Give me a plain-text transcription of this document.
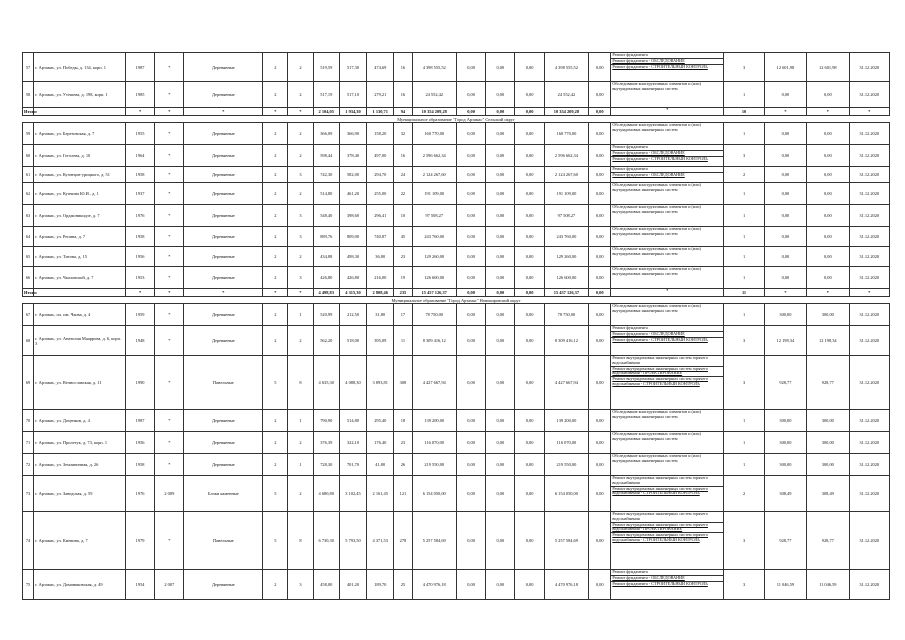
57	г. Арзамас, ул. Победы, д. 134, корп. 1	1987	*	Деревянные	2	2	519,59	517,30	474,69	16	4 398 555,52	0,00	0,00	0,00	4 398 555,52	0,00	Ремонт фундамента
Ремонт фундамента - ОБСЛЕДОВАНИЕ
Ремонт фундамента - СТРОИТЕЛЬНЫЙ КОНТРОЛЬ	3	12 601,98	12 601,98	31.12.2020
58	г. Арзамас, ул. Утешева, д. 198, корп. 1	1985	*	Деревянные	2	2	517,19	517,10	279,21	16	24 552,42	0,00	0,00	0,00	24 552,42	0,00	Обследование конструктивных элементов и (или) внутридомовых инженерных систем	1	0,00	0,00	31.12.2020
Итого:		*	*	*	*	*	2 104,05	1 934,30	1 130,71	94	10 354 209,28	0,00	0,00	0,00	10 354 209,28	0,00	*	10	*	*	*
Муниципальное образование "Город Арзамас" Сельский округ																					
59	г. Арзамас, ул. Березовская, д. 7	1955	*	Деревянные	2	2	366,09	366,90	158,20	32	160 770,00	0,00	0,00	0,00	160 770,00	0,00	Обследование конструктивных элементов и (или) внутридомовых инженерных систем	1	0,00	0,00	31.12.2020
60	г. Арзамас, ул. Гоголева, д. 10	1964	*	Деревянные	2	2	598,44	378,40	497,00	16	2 596 662,34	0,00	0,00	0,00	2 596 662,34	0,00	Ремонт фундамента
Ремонт фундамента - ОБСЛЕДОВАНИЕ
Ремонт фундамента - СТРОИТЕЛЬНЫЙ КОНТРОЛЬ	3	0,00	0,00	31.12.2020
61	г. Арзамас, ул. Кузнецов-урицкого, д. 51	1958	*	Деревянные	2	3	742,30	582,00	294,70	24	2 124 267,60	0,00	0,00	0,00	2 124 267,60	0,00	Ремонт фундамента
Ремонт фундамента - ОБСЛЕДОВАНИЕ	2	0,00	0,00	31.12.2020
62	г. Арзамас, ул. Купчина Ю.И., д. 1	1937	*	Деревянные	2	2	514,80	461,20	255,00	22	191 109,00	0,00	0,00	0,00	191 109,00	0,00	Обследование конструктивных элементов и (или) внутридомовых инженерных систем	1	0,00	0,00	31.12.2020
63	г. Арзамас, ул. Орджоникидзе, д. 7	1976	*	Деревянные	2	3	548,40	398,60	296,41	10	97 508,27	0,00	0,00	0,00	97 508,27	0,00	Обследование конструктивных элементов и (или) внутридомовых инженерных систем	1	0,00	0,00	31.12.2020
64	г. Арзамас, ул. Репина, д. 7	1958	*	Деревянные	2	3	889,76	809,00	740,87	45	243 760,00	0,00	0,00	0,00	243 760,00	0,00	Обследование конструктивных элементов и (или) внутридомовых инженерных систем	1	0,00	0,00	31.12.2020
65	г. Арзамас, ул. Титова, д. 15	1956	*	Деревянные	2	2	434,88	498,30	36,80	23	129 260,00	0,00	0,00	0,00	129 260,00	0,00	Обследование конструктивных элементов и (или) внутридомовых инженерных систем	1	0,00	0,00	31.12.2020
66	г. Арзамас, ул. Чкаловской, д. 7	1953	*	Деревянные	2	3	426,80	426,80	216,00	19	126 600,00	0,00	0,00	0,00	126 600,00	0,00	Обследование конструктивных элементов и (или) внутридомовых инженерных систем	1	0,00	0,00	31.12.2020
Итого:		*	*	*	*	*	4 498,83	4 315,30	2 808,46	235	15 457 126,37	0,00	0,00	0,00	15 457 126,37	0,00	*	11	*	*	*
Муниципальное образование "Город Арзамас" Новокировский округ																					
67	г. Арзамас, пл. им. Чкова, д. 4	1959	*	Деревянные	2	1	520,99	212,50	31,80	17	78 750,00	0,00	0,00	0,00	78 750,00	0,00	Обследование конструктивных элементов и (или) внутридомовых инженерных систем	1	300,00	300,00	31.12.2020
68	г. Арзамас, ул. Анатолия Мааррова, д. 6, корп. 3	1948	*	Деревянные	2	2	562,20	518,00	395,09	11	8 309 416,12	0,00	0,00	0,00	8 309 416,12	0,00	Ремонт фундамента
Ремонт фундамента - ОБСЛЕДОВАНИЕ
Ремонт фундамента - СТРОИТЕЛЬНЫЙ КОНТРОЛЬ	3	12 198,34	12 198,34	31.12.2020
69	г. Арзамас, ул. Вечнославская, д. 11	1990	*	Панельные	5	8	4 635,30	4 088,30	3 893,81	308	4 427 667,94	0,00	0,00	0,00	4 427 667,94	0,00	Ремонт внутридомовых инженерных систем горячего водоснабжения
Ремонт внутридомовых инженерных систем горячего водоснабжения - ПРОЕКТИРОВАНИЕ
Ремонт внутридомовых инженерных систем горячего водоснабжения - СТРОИТЕЛЬНЫЙ КОНТРОЛЬ	3	928,77	928,77	31.12.2020
70	г. Арзамас, ул. Доценков, д. 4	1987	*	Деревянные	2	1	790,90	514,80	295,40	18	139 200,00	0,00	0,00	0,00	139 200,00	0,00	Обследование конструктивных элементов и (или) внутридомовых инженерных систем	1	300,00	300,00	31.12.2020
71	г. Арзамас, ул. Пролетук, д. 73, корп. 1	1956	*	Деревянные	2	2	376,39	322,10	176,40	23	116 070,00	0,00	0,00	0,00	116 070,00	0,00	Обследование конструктивных элементов и (или) внутридомовых инженерных систем	1	300,00	300,00	31.12.2020
72	г. Арзамас, ул. Земляничная, д. 26	1958	*	Деревянные	2	1	728,30	701,70	41,80	26	219 550,00	0,00	0,00	0,00	219 550,00	0,00	Обследование конструктивных элементов и (или) внутридомовых инженерных систем	1	300,00	300,00	31.12.2020
73	г. Арзамас, ул. Заводская, д. 59	1976	2 009	Блоки каменные	5	2	4 680,80	3 102,45	2 161,45	121	6 154 050,00	0,00	0,00	0,00	6 154 050,00	0,00	Ремонт внутридомовых инженерных систем горячего водоснабжения
Ремонт внутридомовых инженерных систем горячего водоснабжения - СТРОИТЕЛЬНЫЙ КОНТРОЛЬ	2	308,49	308,49	31.12.2020
74	г. Арзамас, ул. Киевина, д. 7	1979	*	Панельные	5	8	6 730,30	5 793,50	4 371,53	278	5 257 584,69	0,00	0,00	0,00	5 257 584,69	0,00	Ремонт внутридомовых инженерных систем горячего водоснабжения
Ремонт внутридомовых инженерных систем горячего водоснабжения - ПРОЕКТИРОВАНИЕ
Ремонт внутридомовых инженерных систем горячего водоснабжения - СТРОИТЕЛЬНЫЙ КОНТРОЛЬ	3	928,77	928,77	31.12.2020
75	г. Арзамас, ул. Доманиковская, д. 49	1954	2 007	Деревянные	2	3	458,00	401,20	189,70	25	4 470 976,18	0,00	0,00	0,00	4 470 976,18	0,00	Ремонт фундамента
Ремонт фундамента - ОБСЛЕДОВАНИЕ
Ремонт фундамента - СТРОИТЕЛЬНЫЙ КОНТРОЛЬ	3	11 046,59	11 046,59	31.12.2020
